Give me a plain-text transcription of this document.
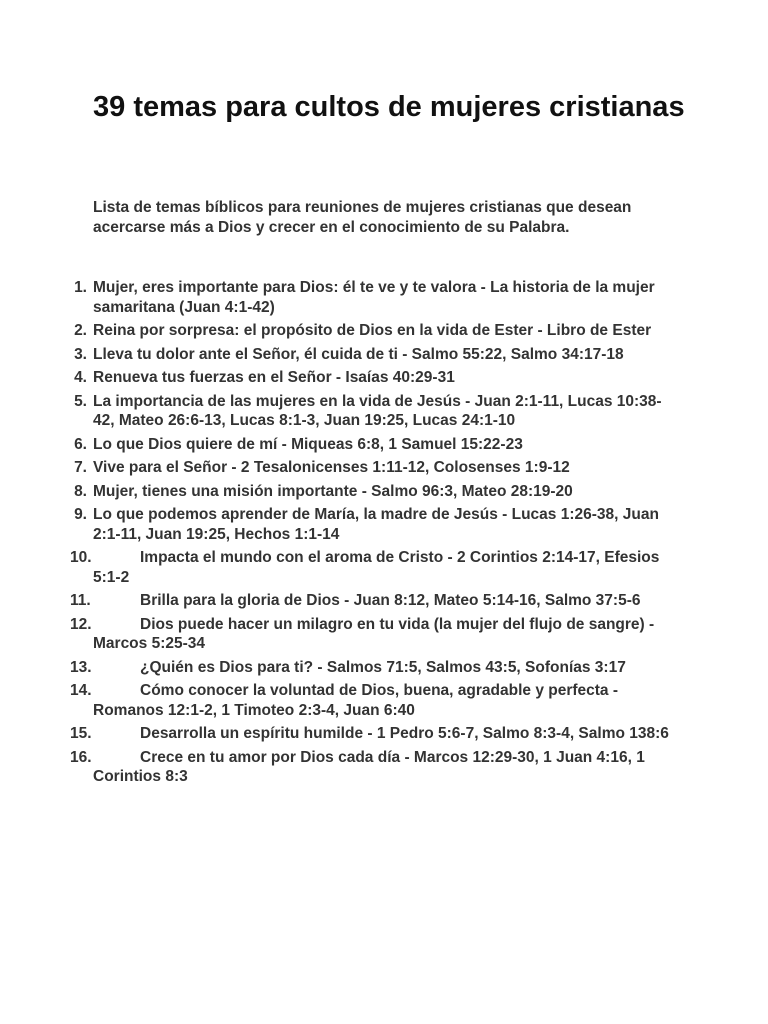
39 temas para cultos de mujeres cristianas

Lista de temas bíblicos para reuniones de mujeres cristianas que desean acercarse más a Dios y crecer en el conocimiento de su Palabra.

1. Mujer, eres importante para Dios: él te ve y te valora - La historia de la mujer samaritana (Juan 4:1-42)
2. Reina por sorpresa: el propósito de Dios en la vida de Ester - Libro de Ester
3. Lleva tu dolor ante el Señor, él cuida de ti - Salmo 55:22, Salmo 34:17-18
4. Renueva tus fuerzas en el Señor - Isaías 40:29-31
5. La importancia de las mujeres en la vida de Jesús - Juan 2:1-11, Lucas 10:38-42, Mateo 26:6-13, Lucas 8:1-3, Juan 19:25, Lucas 24:1-10
6. Lo que Dios quiere de mí - Miqueas 6:8, 1 Samuel 15:22-23
7. Vive para el Señor - 2 Tesalonicenses 1:11-12, Colosenses 1:9-12
8. Mujer, tienes una misión importante - Salmo 96:3, Mateo 28:19-20
9. Lo que podemos aprender de María, la madre de Jesús - Lucas 1:26-38, Juan 2:1-11, Juan 19:25, Hechos 1:1-14
10.	Impacta el mundo con el aroma de Cristo - 2 Corintios 2:14-17, Efesios 5:1-2
11.	Brilla para la gloria de Dios - Juan 8:12, Mateo 5:14-16, Salmo 37:5-6
12.	Dios puede hacer un milagro en tu vida (la mujer del flujo de sangre) - Marcos 5:25-34
13.	¿Quién es Dios para ti? - Salmos 71:5, Salmos 43:5, Sofonías 3:17
14.	Cómo conocer la voluntad de Dios, buena, agradable y perfecta - Romanos 12:1-2, 1 Timoteo 2:3-4, Juan 6:40
15.	Desarrolla un espíritu humilde - 1 Pedro 5:6-7, Salmo 8:3-4, Salmo 138:6
16.	Crece en tu amor por Dios cada día - Marcos 12:29-30, 1 Juan 4:16, 1 Corintios 8:3
